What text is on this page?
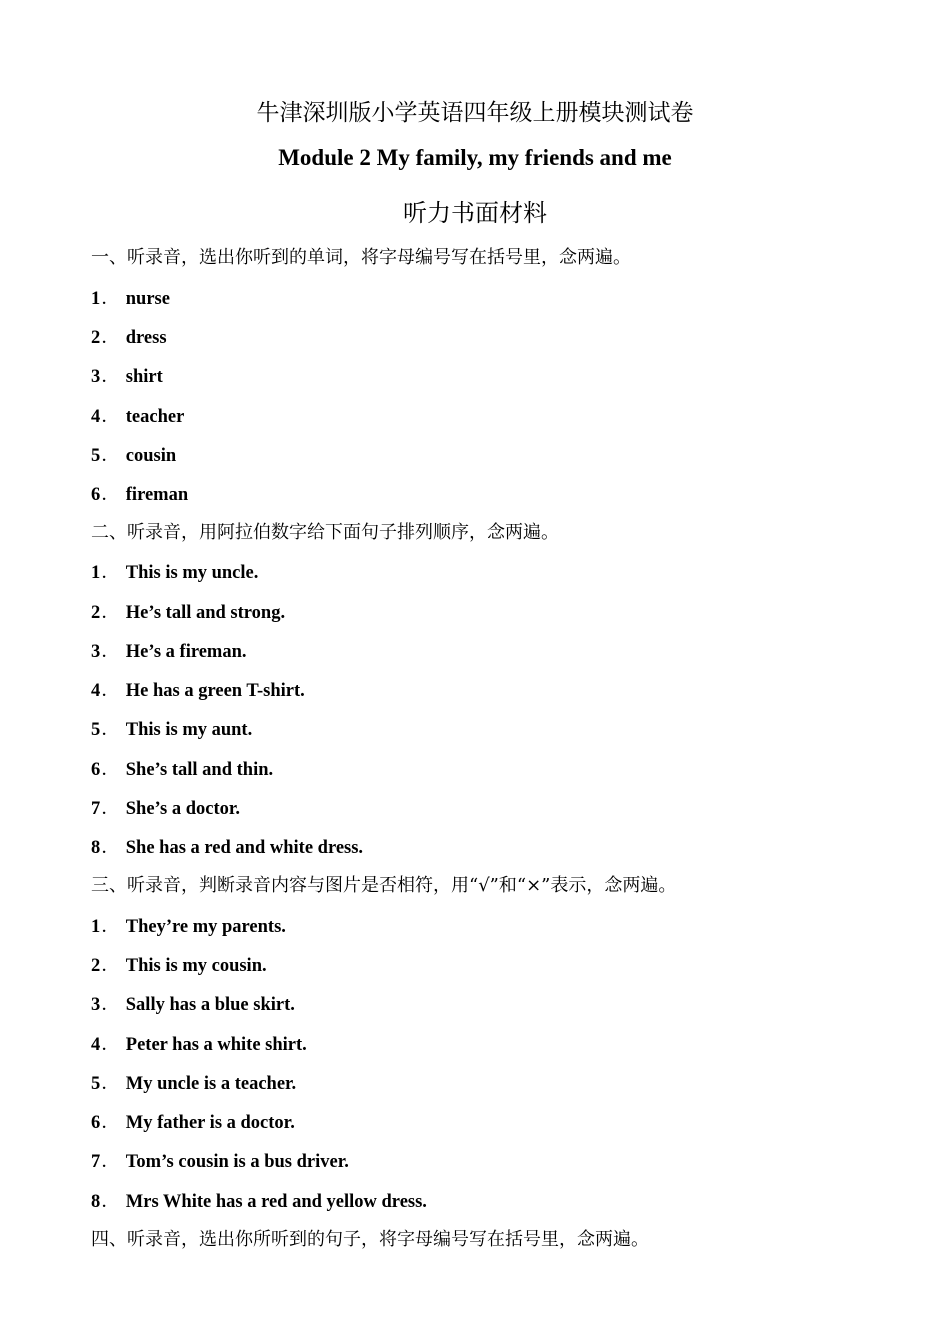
牛津深圳版小学英语四年级上册模块测试卷
Module 2 My family, my friends and me
听力书面材料
一、听录音，选出你听到的单词，将字母编号写在括号里，念两遍。
1． nurse
2． dress
3． shirt
4． teacher
5． cousin
6． fireman
二、听录音，用阿拉伯数字给下面句子排列顺序，念两遍。
1． This is my uncle.
2． He’s tall and strong.
3． He’s a fireman.
4． He has a green T-shirt.
5． This is my aunt.
6． She’s tall and thin.
7． She’s a doctor.
8． She has a red and white dress.
三、听录音，判断录音内容与图片是否相符，用“√”和“×”表示，念两遍。
1． They’re my parents.
2． This is my cousin.
3． Sally has a blue skirt.
4． Peter has a white shirt.
5． My uncle is a teacher.
6． My father is a doctor.
7． Tom’s cousin is a bus driver.
8． Mrs White has a red and yellow dress.
四、听录音，选出你所听到的句子，将字母编号写在括号里，念两遍。
